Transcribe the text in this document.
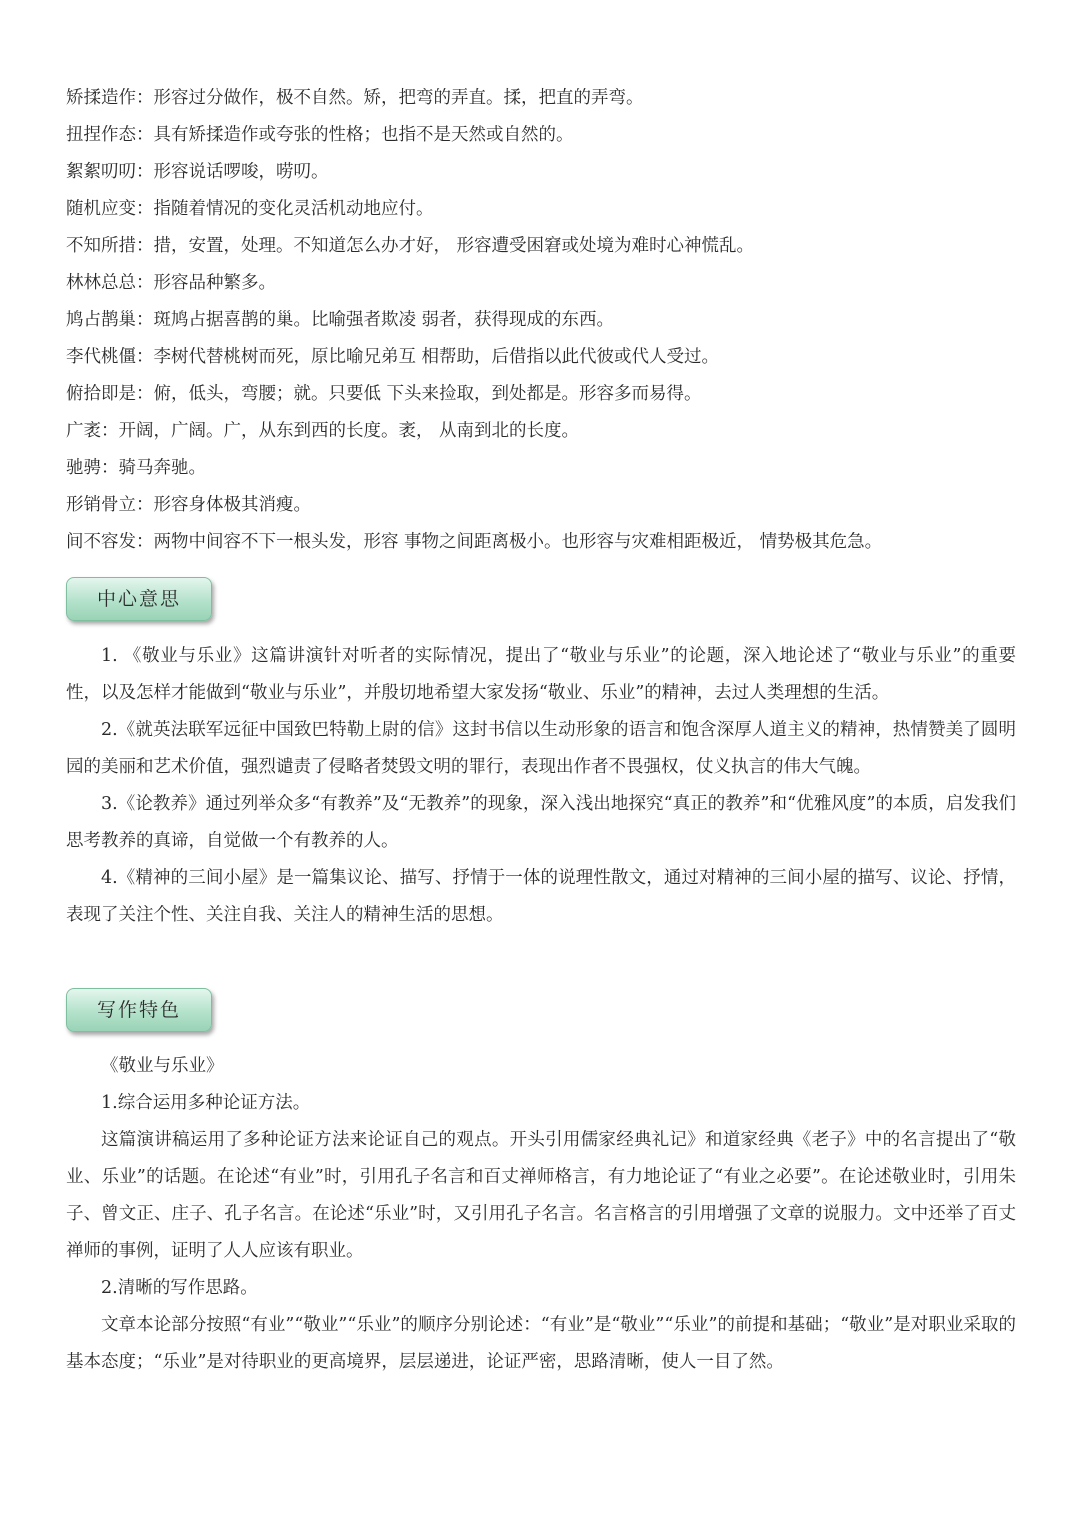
矫揉造作：形容过分做作，极不自然。矫，把弯的弄直。揉，把直的弄弯。
扭捏作态：具有矫揉造作或夸张的性格；也指不是天然或自然的。
絮絮叨叨：形容说话啰唆，唠叨。
随机应变：指随着情况的变化灵活机动地应付。
不知所措：措，安置，处理。不知道怎么办才好， 形容遭受困窘或处境为难时心神慌乱。
林林总总：形容品种繁多。
鸠占鹊巢：斑鸠占据喜鹊的巢。比喻强者欺凌 弱者，获得现成的东西。
李代桃僵：李树代替桃树而死，原比喻兄弟互 相帮助，后借指以此代彼或代人受过。
俯拾即是：俯，低头，弯腰；就。只要低 下头来捡取，到处都是。形容多而易得。
广袤：开阔，广阔。广，从东到西的长度。袤， 从南到北的长度。
驰骋：骑马奔驰。
形销骨立：形容身体极其消瘦。
间不容发：两物中间容不下一根头发，形容 事物之间距离极小。也形容与灾难相距极近， 情势极其危急。
中心意思

1. 《敬业与乐业》这篇讲演针对听者的实际情况，提出了“敬业与乐业”的论题，深入地论述了“敬业与乐业”的重要性，以及怎样才能做到“敬业与乐业”，并殷切地希望大家发扬“敬业、乐业”的精神，去过人类理想的生活。

2.《就英法联军远征中国致巴特勒上尉的信》这封书信以生动形象的语言和饱含深厚人道主义的精神，热情赞美了圆明园的美丽和艺术价值，强烈谴责了侵略者焚毁文明的罪行，表现出作者不畏强权，仗义执言的伟大气魄。

3.《论教养》通过列举众多“有教养”及“无教养”的现象，深入浅出地探究“真正的教养”和“优雅风度”的本质，启发我们思考教养的真谛，自觉做一个有教养的人。

4.《精神的三间小屋》是一篇集议论、描写、抒情于一体的说理性散文，通过对精神的三间小屋的描写、议论、抒情，表现了关注个性、关注自我、关注人的精神生活的思想。

写作特色

《敬业与乐业》

1.综合运用多种论证方法。

这篇演讲稿运用了多种论证方法来论证自己的观点。开头引用儒家经典礼记》和道家经典《老子》中的名言提出了“敬业、乐业”的话题。在论述“有业”时，引用孔子名言和百丈禅师格言，有力地论证了“有业之必要”。在论述敬业时，引用朱子、曾文正、庄子、孔子名言。在论述“乐业”时，又引用孔子名言。名言格言的引用增强了文章的说服力。文中还举了百丈禅师的事例，证明了人人应该有职业。

2.清晰的写作思路。

文章本论部分按照“有业”“敬业”“乐业”的顺序分别论述：“有业”是“敬业”“乐业”的前提和基础；“敬业”是对职业采取的基本态度；“乐业”是对待职业的更高境界，层层递进，论证严密，思路清晰，使人一目了然。
